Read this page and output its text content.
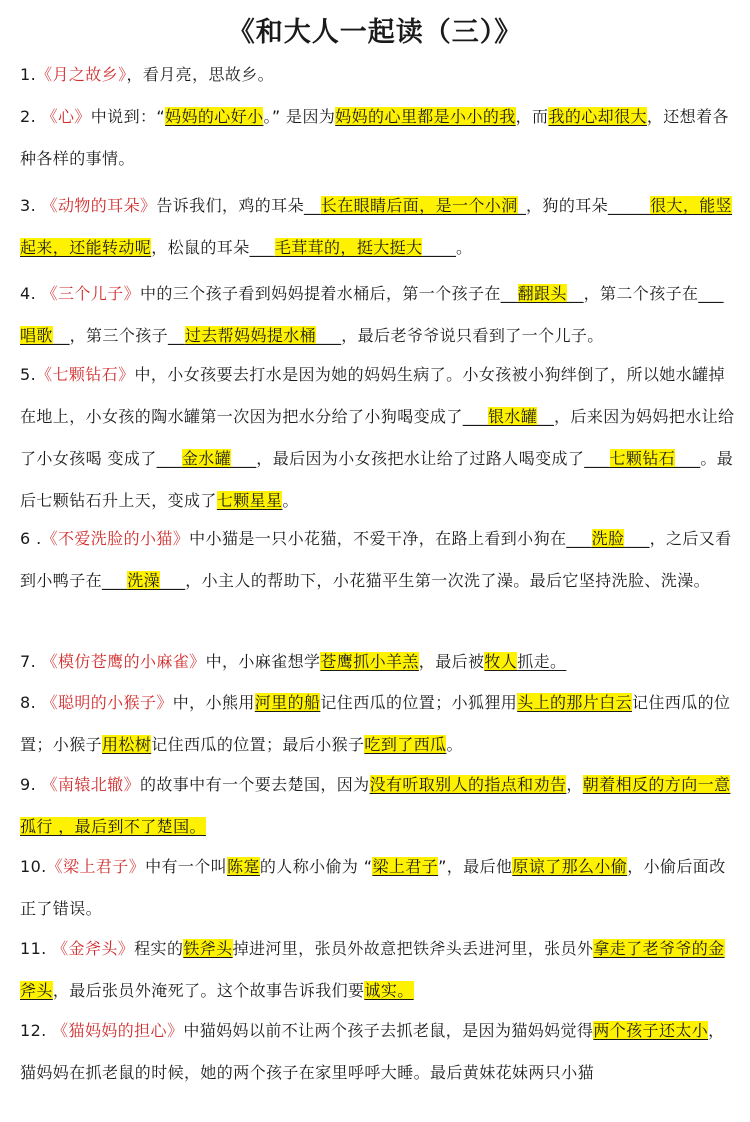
《和大人一起读（三）》
1.《月之故乡》，看月亮，思故乡。
2. 《心》中说到：“妈妈的心好小。” 是因为妈妈的心里都是小小的我，而我的心却很大，还想着各种各样的事情。
3. 《动物的耳朵》告诉我们，鸡的耳朵__长在眼睛后面，是一个小洞_，狗的耳朵_____很大，能竖起来，还能转动呢，松鼠的耳朵___毛茸茸的，挺大挺大____。
4. 《三个儿子》中的三个孩子看到妈妈提着水桶后，第一个孩子在__翻跟头__，第二个孩子在___唱歌__，第三个孩子__过去帮妈妈提水桶___，最后老爷爷说只看到了一个儿子。
5.《七颗钻石》中，小女孩要去打水是因为她的妈妈生病了。小女孩被小狗绊倒了，所以她水罐掉在地上，小女孩的陶水罐第一次因为把水分给了小狗喝变成了___银水罐__，后来因为妈妈把水让给了小女孩喝 变成了___金水罐___，最后因为小女孩把水让给了过路人喝变成了___七颗钻石___。最后七颗钻石升上天，变成了七颗星星。
6 .《不爱洗脸的小猫》中小猫是一只小花猫，不爱干净，在路上看到小狗在___洗脸___，之后又看到小鸭子在___洗澡___，小主人的帮助下，小花猫平生第一次洗了澡。最后它坚持洗脸、洗澡。
7. 《模仿苍鹰的小麻雀》中，小麻雀想学苍鹰抓小羊羔，最后被牧人抓走。
8. 《聪明的小猴子》中，小熊用河里的船记住西瓜的位置；小狐狸用头上的那片白云记住西瓜的位置；小猴子用松树记住西瓜的位置；最后小猴子吃到了西瓜。
9. 《南辕北辙》的故事中有一个要去楚国，因为没有听取别人的指点和劝告，朝着相反的方向一意孤行 ，最后到不了楚国。
10.《梁上君子》中有一个叫陈寔的人称小偷为 “梁上君子”，最后他原谅了那么小偷，小偷后面改正了错误。
11. 《金斧头》程实的铁斧头掉进河里，张员外故意把铁斧头丢进河里，张员外拿走了老爷爷的金斧头，最后张员外淹死了。这个故事告诉我们要诚实。
12. 《猫妈妈的担心》中猫妈妈以前不让两个孩子去抓老鼠，是因为猫妈妈觉得两个孩子还太小，猫妈妈在抓老鼠的时候，她的两个孩子在家里呼呼大睡。最后黄妹花妹两只小猫
